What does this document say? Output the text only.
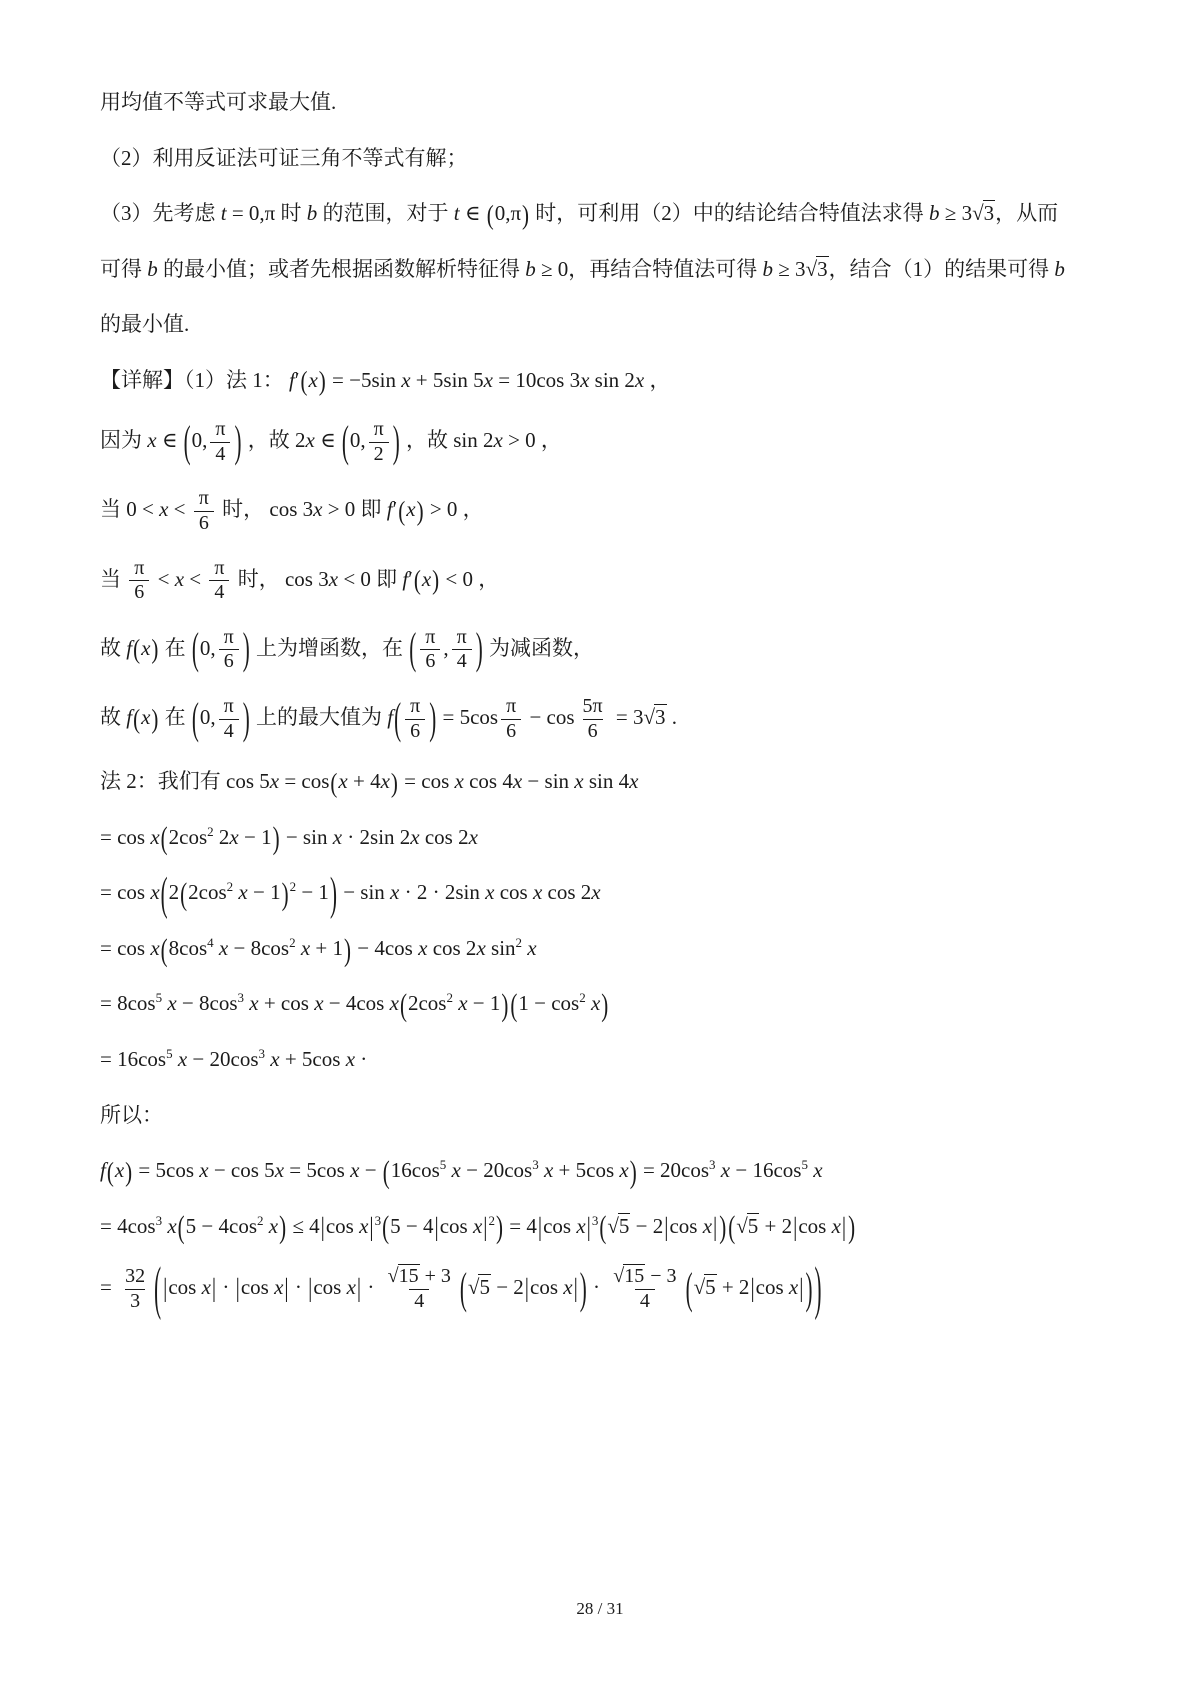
用均值不等式可求最大值.
（2）利用反证法可证三角不等式有解；
（3）先考虑 t = 0,π 时 b 的范围，对于 t ∈ (0,π) 时，可利用（2）中的结论结合特值法求得 b ≥ 3√3，从而
可得 b 的最小值；或者先根据函数解析特征得 b ≥ 0，再结合特值法可得 b ≥ 3√3，结合（1）的结果可得 b
的最小值.
【详解】（1）法 1： f′(x) = −5sin x + 5sin 5x = 10cos 3x sin 2x ，
因为 x ∈ (0, $\frac{\pi}{4}$ ) ，故 2x ∈ (0, $\frac{\pi}{2}$ ) ，故 sin 2x > 0 ，
当 $0 < x < \frac{\pi}{6}$ 时， cos 3x > 0 即 f′(x) > 0 ，
当 $\frac{\pi}{6} < x < \frac{\pi}{4}$ 时， cos 3x < 0 即 f′(x) < 0 ，
故 f(x) 在 (0, $\frac{\pi}{6}$ ) 上为增函数，在 ( $\frac{\pi}{6}$ , $\frac{\pi}{4}$ ) 为减函数，
故 f(x) 在 (0, $\frac{\pi}{4}$ ) 上的最大值为 $f( \frac{\pi}{6}$ ) = $5\cos \frac{\pi}{6} - \cos \frac{5\pi}{6} = 3√3$ .
法 2：我们有 cos 5x = cos(x + 4x) = cos x cos 4x − sin x sin 4x
= $\cos x(2\cos^2$ 2x − 1) − sin x · 2sin 2x cos 2x
= $\cos x(2(2\cos^2$ x − 1)$^2$ − 1) − sin x · 2 · 2sin x cos x cos 2x
= $\cos x(8\cos^4$ $x - 8\cos^2$ x + 1) − 4cos x cos 2x $\sin^2 x$
= $8\cos^5$ $x - 8\cos^3$ x + cos x − 4cos $x(2\cos^2$ $x - 1)(1 - \cos^2 x)$
= $16\cos^5$ $x - 20\cos^3$ x + 5cos x ·
所以：
f(x) = 5cos x − cos 5x = 5cos $x - (16\cos^5$ $x - 20\cos^3$ x + 5cos $x) = 20\cos^3$ $x - 16\cos^5$ x
= $4\cos^3$ $x(5 - 4\cos^2$ x) ≤ 4|cos $x|^3(5 - 4|\cos$ $x|^2) = 4|\cos$ $x|^3(√5 - 2|\cos$ x|)(√5 + 2|cos x|)
= $\frac{32}{3} (|\cos$ x| · |cos x| · |cos $x| \cdot \frac{√15 + 3}{4} (√5 - 2|\cos$ $x|) \cdot \frac{√15 - 3}{4} (√5 + 2|\cos$ x|))
28 / 31
